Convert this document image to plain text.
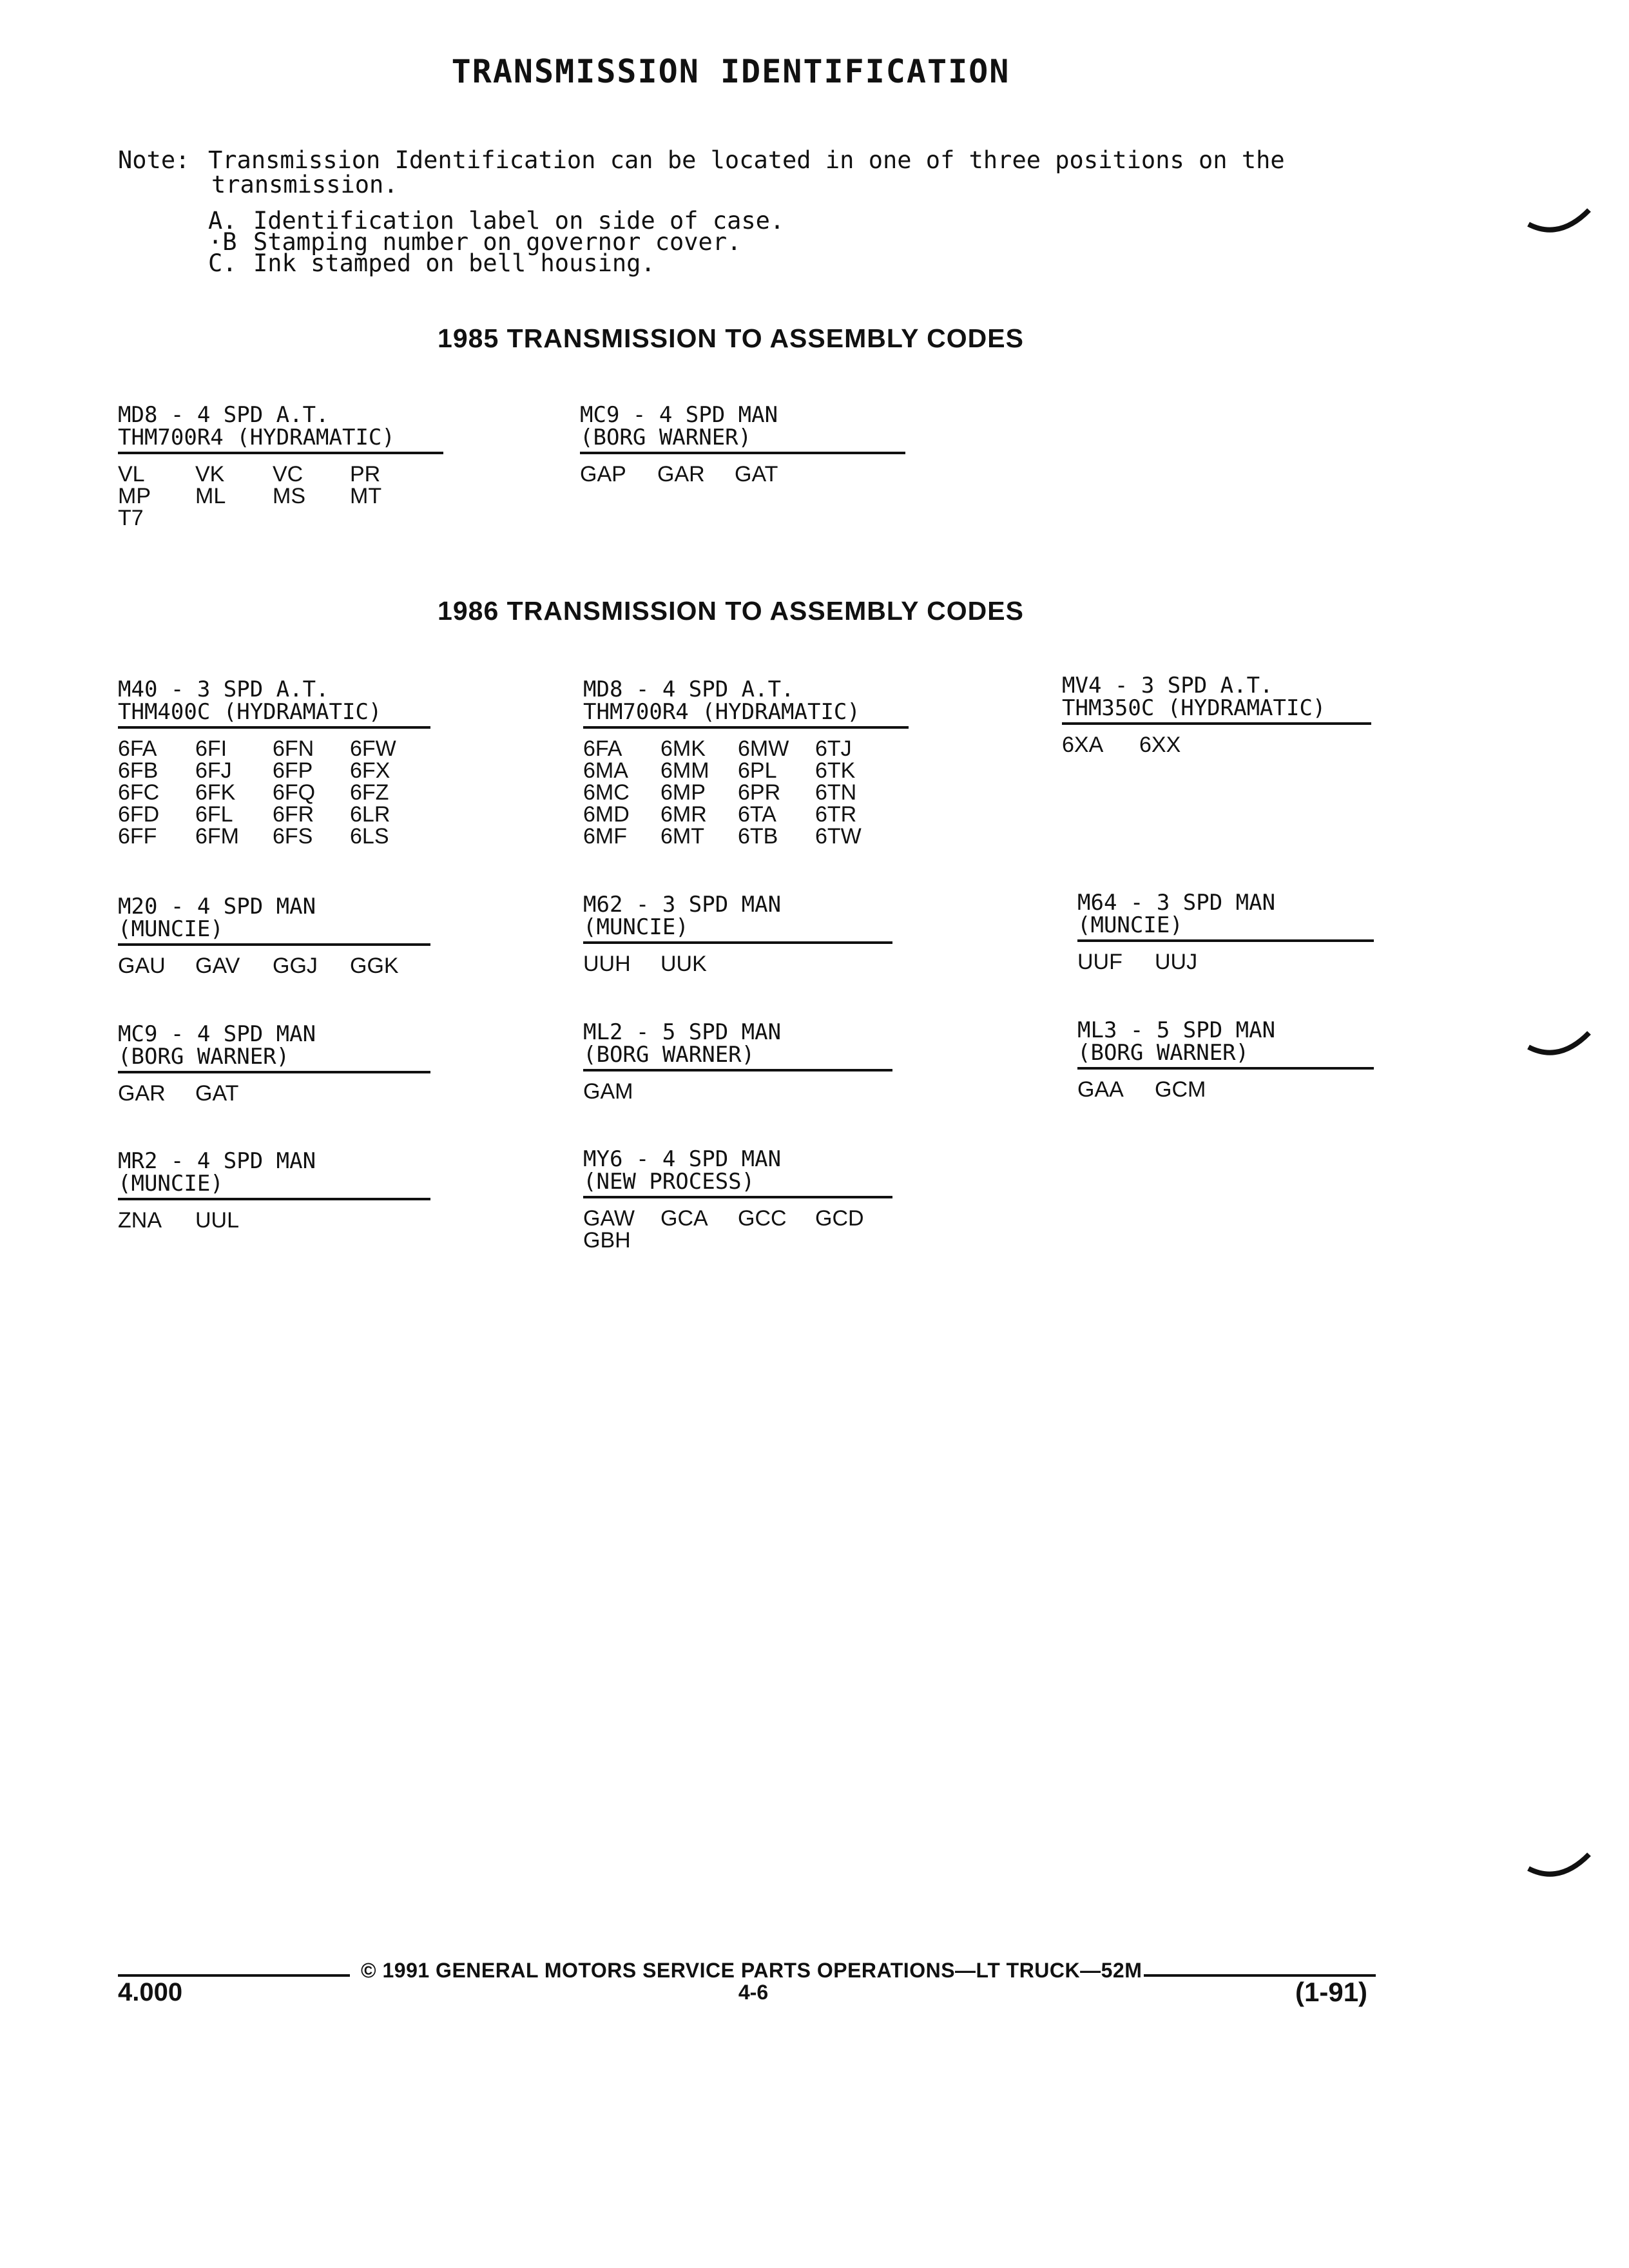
TRANSMISSION IDENTIFICATION
Note: Transmission Identification can be located in one of three positions on the
transmission.
A. Identification label on side of case.
·B Stamping number on governor cover.
C. Ink stamped on bell housing.
1985 TRANSMISSION TO ASSEMBLY CODES
1986 TRANSMISSION TO ASSEMBLY CODES
MD8 - 4 SPD A.T.
THM700R4 (HYDRAMATIC)
VL	VK	VC	PR
MP	ML	MS	MT
T7
MC9 - 4 SPD MAN
(BORG WARNER)
GAP	GAR	GAT
M40 - 3 SPD A.T.
THM400C (HYDRAMATIC)
6FA	6FI	6FN	6FW
6FB	6FJ	6FP	6FX
6FC	6FK	6FQ	6FZ
6FD	6FL	6FR	6LR
6FF	6FM	6FS	6LS
MD8 - 4 SPD A.T.
THM700R4 (HYDRAMATIC)
6FA	6MK	6MW	6TJ
6MA	6MM	6PL	6TK
6MC	6MP	6PR	6TN
6MD	6MR	6TA	6TR
6MF	6MT	6TB	6TW
MV4 - 3 SPD A.T.
THM350C (HYDRAMATIC)
6XA	6XX
M20 - 4 SPD MAN
(MUNCIE)
GAU	GAV	GGJ	GGK
M62 - 3 SPD MAN
(MUNCIE)
UUH	UUK
M64 - 3 SPD MAN
(MUNCIE)
UUF	UUJ
MC9 - 4 SPD MAN
(BORG WARNER)
GAR	GAT
ML2 - 5 SPD MAN
(BORG WARNER)
GAM
ML3 - 5 SPD MAN
(BORG WARNER)
GAA	GCM
MR2 - 4 SPD MAN
(MUNCIE)
ZNA	UUL
MY6 - 4 SPD MAN
(NEW PROCESS)
GAW	GCA	GCC	GCD
GBH
© 1991 GENERAL MOTORS SERVICE PARTS OPERATIONS—LT TRUCK—52M
4.000	4-6	(1-91)
